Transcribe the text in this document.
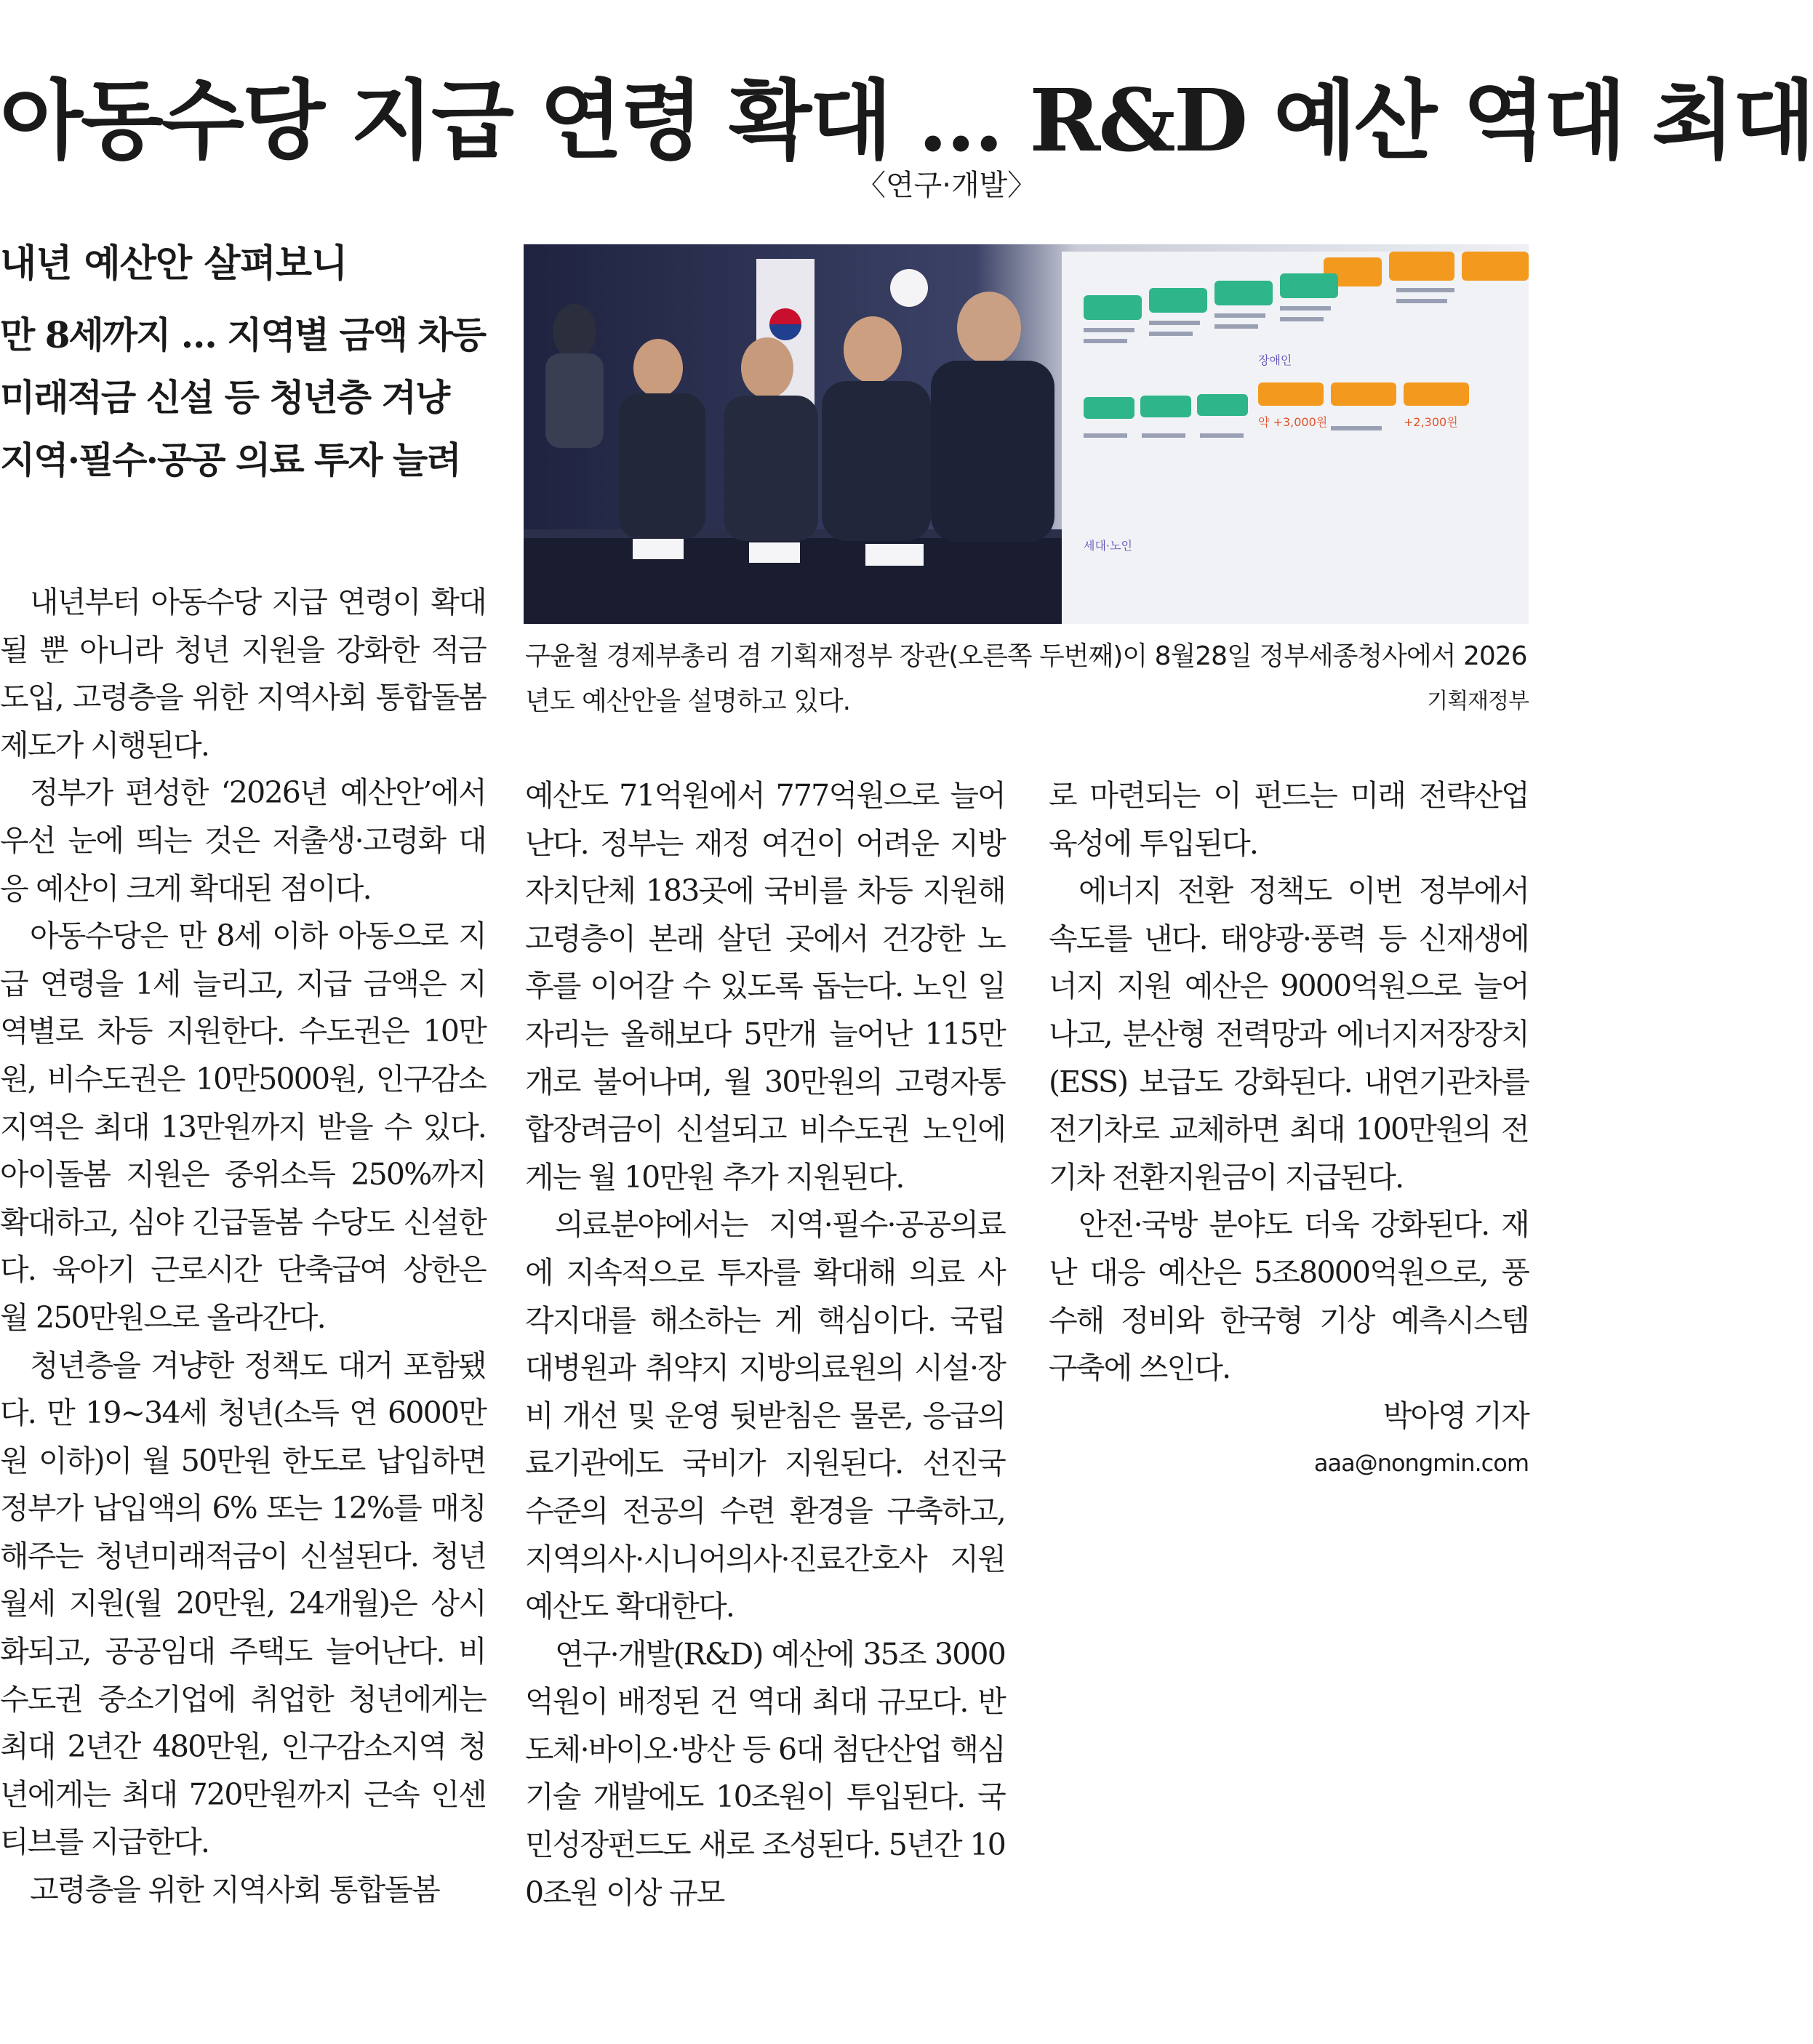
아동수당 지급 연령 확대 … R&D 예산 역대 최대
〈연구·개발〉
내년 예산안 살펴보니
만 8세까지 … 지역별 금액 차등
미래적금 신설 등 청년층 겨냥
지역·필수·공공 의료 투자 늘려
장애인
세대·노인
+2,300원
약 +3,000원
구윤철 경제부총리 겸 기획재정부 장관(오른쪽 두번째)이 8월28일 정부세종청사에서 2026년도 예산안을 설명하고 있다.	기획재정부

내년부터 아동수당 지급 연령이 확대될 뿐 아니라 청년 지원을 강화한 적금 도입, 고령층을 위한 지역사회 통합돌봄 제도가 시행된다.

정부가 편성한 ‘2026년 예산안’에서 우선 눈에 띄는 것은 저출생·고령화 대응 예산이 크게 확대된 점이다.

아동수당은 만 8세 이하 아동으로 지급 연령을 1세 늘리고, 지급 금액은 지역별로 차등 지원한다. 수도권은 10만원, 비수도권은 10만5000원, 인구감소지역은 최대 13만원까지 받을 수 있다. 아이돌봄 지원은 중위소득 250%까지 확대하고, 심야 긴급돌봄 수당도 신설한다. 육아기 근로시간 단축급여 상한은 월 250만원으로 올라간다.

청년층을 겨냥한 정책도 대거 포함됐다. 만 19∼34세 청년(소득 연 6000만원 이하)이 월 50만원 한도로 납입하면 정부가 납입액의 6% 또는 12%를 매칭해주는 청년미래적금이 신설된다. 청년 월세 지원(월 20만원, 24개월)은 상시화되고, 공공임대 주택도 늘어난다. 비수도권 중소기업에 취업한 청년에게는 최대 2년간 480만원, 인구감소지역 청년에게는 최대 720만원까지 근속 인센티브를 지급한다.

고령층을 위한 지역사회 통합돌봄

예산도 71억원에서 777억원으로 늘어난다. 정부는 재정 여건이 어려운 지방자치단체 183곳에 국비를 차등 지원해 고령층이 본래 살던 곳에서 건강한 노후를 이어갈 수 있도록 돕는다. 노인 일자리는 올해보다 5만개 늘어난 115만개로 불어나며, 월 30만원의 고령자통합장려금이 신설되고 비수도권 노인에게는 월 10만원 추가 지원된다.

의료분야에서는 지역·필수·공공의료에 지속적으로 투자를 확대해 의료 사각지대를 해소하는 게 핵심이다. 국립대병원과 취약지 지방의료원의 시설·장비 개선 및 운영 뒷받침은 물론, 응급의료기관에도 국비가 지원된다. 선진국 수준의 전공의 수련 환경을 구축하고, 지역의사·시니어의사·진료간호사 지원 예산도 확대한다.

연구·개발(R&D) 예산에 35조 3000억원이 배정된 건 역대 최대 규모다. 반도체·바이오·방산 등 6대 첨단산업 핵심 기술 개발에도 10조원이 투입된다. 국민성장펀드도 새로 조성된다. 5년간 100조원 이상 규모

로 마련되는 이 펀드는 미래 전략산업 육성에 투입된다.

에너지 전환 정책도 이번 정부에서 속도를 낸다. 태양광·풍력 등 신재생에너지 지원 예산은 9000억원으로 늘어나고, 분산형 전력망과 에너지저장장치(ESS) 보급도 강화된다. 내연기관차를 전기차로 교체하면 최대 100만원의 전기차 전환지원금이 지급된다.

안전·국방 분야도 더욱 강화된다. 재난 대응 예산은 5조8000억원으로, 풍수해 정비와 한국형 기상 예측시스템 구축에 쓰인다.

박아영 기자

aaa@nongmin.com
